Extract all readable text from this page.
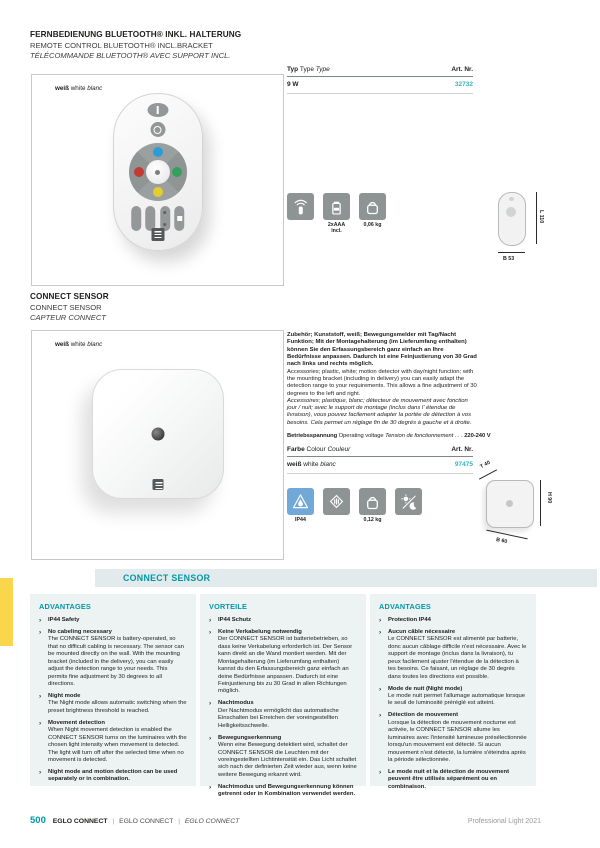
FERNBEDIENUNG BLUETOOTH® INKL. HALTERUNG
REMOTE CONTROL BLUETOOTH® INCL.BRACKET
TÉLÉCOMMANDE BLUETOOTH® AVEC SUPPORT INCL.
weiß white blanc
Typ Type Type	Art. Nr.
9 W	32732
2xAAA incl.
0,06 kg
L 110
B 53
CONNECT SENSOR
CONNECT SENSOR
CAPTEUR CONNECT
weiß white blanc

Zubehör; Kunststoff, weiß; Bewegungsmelder mit Tag/Nacht Funktion; Mit der Montagehalterung (im Lieferumfang enthalten) können Sie den Erfassungsbereich ganz einfach an Ihre Bedürfnisse anpassen. Dadurch ist eine Feinjustierung von 30 Grad nach links und rechts möglich.

Accessories; plastic, white; motion detector with day/night function; with the mounting bracket (including in delivery) you can easily adapt the detection range to your requirements. This allows a fine adjustment of 30 degrees to the left and right.

Accessoires; plastique, blanc; détecteur de mouvement avec fonction jour / nuit; avec le support de montage (inclus dans l' étendue de livraison), vous pouvez facilement adapter la portée de détection à vos besoins. Cela permet un réglage fin de 30 degrés à gauche et à droite.

Betriebsspannung Operating voltage Tension de fonctionnement . . . 220-240 V
Farbe Colour Couleur	Art. Nr.
weiß white blanc	97475
IP44	0,12 kg
T 40
H 90
B 60
CONNECT SENSOR
ADVANTAGES
›	IP44 Safety
›	No cabeling necessary
The CONNECT SENSOR is battery-operated, so that no difficult cabling is necessary. The sensor can be mounted directly on the wall. With the mounting bracket (included in the delivery), you can easily adjust the detection range to your needs. This permits fine adjustment by 30 degrees to all directions.
›	Night mode
The Night mode allows automatic switching when the preset brightness threshold is reached.
›	Movement detection
When Night movement detection is enabled the CONNECT SENSOR turns on the luminaires with the chosen light intensity when movement is detected. The light will turn off after the selected time when no movement is detected.
›	Night mode and motion detection can be used separately or in combination.
VORTEILE
›	IP44 Schutz
›	Keine Verkabelung notwendig
Der CONNECT SENSOR ist batteriebetrieben, so dass keine Verkabelung erforderlich ist. Der Sensor kann direkt an die Wand montiert werden. Mit der Montagehalterung (im Lieferumfang enthalten) kannst du den Erfassungsbereich ganz einfach an deine Bedürfnisse anpassen. Dadurch ist eine Feinjustierung bis zu 30 Grad in allen Richtungen möglich.
›	Nachtmodus
Der Nachtmodus ermöglicht das automatische Einschalten bei Erreichen der voreingestellten Helligkeitsschwelle.
›	Bewegungserkennung
Wenn eine Bewegung detektiert wird, schaltet der CONNECT SENSOR die Leuchten mit der voreingestellten Lichtintensität ein. Das Licht schaltet sich nach der definierten Zeit wieder aus, wenn keine weitere Bewegung erkannt wird.
›	Nachtmodus und Bewegungserkennung können getrennt oder in Kombination verwendet werden.
ADVANTAGES
›	Protection IP44
›	Aucun câble nécessaire
Le CONNECT SENSOR est alimenté par batterie, donc aucun câblage difficile n'est nécessaire. Avec le support de montage (inclus dans la livraison), tu peux facilement ajuster l'étendue de la détection à tes besoins. Ce faisant, un réglage de 30 degrés dans toutes les directions est possible.
›	Mode de nuit (Night mode)
Le mode nuit permet l'allumage automatique lorsque le seuil de luminosité préréglé est atteint.
›	Détection de mouvement
Lorsque la détection de mouvement nocturne est activée, le CONNECT SENSOR allume les luminaires avec l'intensité lumineuse présélectionnée lorsqu'un mouvement est détecté. Si aucun mouvement n'est détecté, la lumière s'éteindra après la période sélectionnée.
›	Le mode nuit et la détection de mouvement peuvent être utilisés séparément ou en combinaison.
500 EGLO CONNECT | EGLO CONNECT | EGLO CONNECT	Professional Light 2021
